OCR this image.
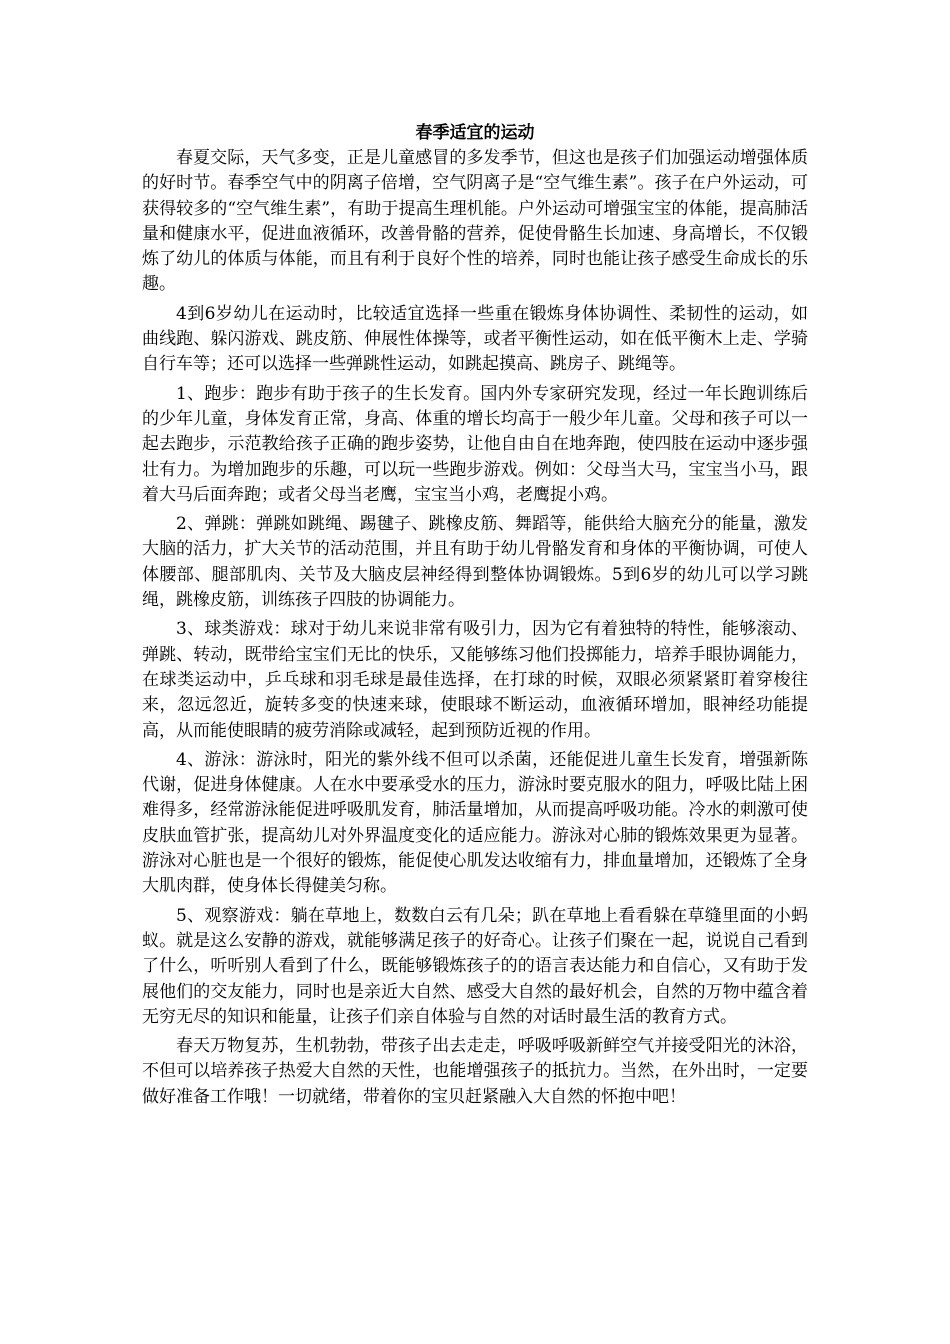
春季适宜的运动

春夏交际，天气多变，正是儿童感冒的多发季节，但这也是孩子们加强运动增强体质的好时节。春季空气中的阴离子倍增，空气阴离子是“空气维生素”。孩子在户外运动，可获得较多的“空气维生素”，有助于提高生理机能。户外运动可增强宝宝的体能，提高肺活量和健康水平，促进血液循环，改善骨骼的营养，促使骨骼生长加速、身高增长，不仅锻炼了幼儿的体质与体能，而且有利于良好个性的培养，同时也能让孩子感受生命成长的乐趣。

4到6岁幼儿在运动时，比较适宜选择一些重在锻炼身体协调性、柔韧性的运动，如曲线跑、躲闪游戏、跳皮筋、伸展性体操等，或者平衡性运动，如在低平衡木上走、学骑自行车等；还可以选择一些弹跳性运动，如跳起摸高、跳房子、跳绳等。

1、跑步：跑步有助于孩子的生长发育。国内外专家研究发现，经过一年长跑训练后的少年儿童，身体发育正常，身高、体重的增长均高于一般少年儿童。父母和孩子可以一起去跑步，示范教给孩子正确的跑步姿势，让他自由自在地奔跑，使四肢在运动中逐步强壮有力。为增加跑步的乐趣，可以玩一些跑步游戏。例如：父母当大马，宝宝当小马，跟着大马后面奔跑；或者父母当老鹰，宝宝当小鸡，老鹰捉小鸡。

2、弹跳：弹跳如跳绳、踢毽子、跳橡皮筋、舞蹈等，能供给大脑充分的能量，激发大脑的活力，扩大关节的活动范围，并且有助于幼儿骨骼发育和身体的平衡协调，可使人体腰部、腿部肌肉、关节及大脑皮层神经得到整体协调锻炼。5到6岁的幼儿可以学习跳绳，跳橡皮筋，训练孩子四肢的协调能力。

3、球类游戏：球对于幼儿来说非常有吸引力，因为它有着独特的特性，能够滚动、弹跳、转动，既带给宝宝们无比的快乐，又能够练习他们投掷能力，培养手眼协调能力，在球类运动中，乒乓球和羽毛球是最佳选择，在打球的时候，双眼必须紧紧盯着穿梭往来，忽远忽近，旋转多变的快速来球，使眼球不断运动，血液循环增加，眼神经功能提高，从而能使眼睛的疲劳消除或减轻，起到预防近视的作用。

4、游泳：游泳时，阳光的紫外线不但可以杀菌，还能促进儿童生长发育，增强新陈代谢，促进身体健康。人在水中要承受水的压力，游泳时要克服水的阻力，呼吸比陆上困难得多，经常游泳能促进呼吸肌发育，肺活量增加，从而提高呼吸功能。冷水的刺激可使皮肤血管扩张，提高幼儿对外界温度变化的适应能力。游泳对心肺的锻炼效果更为显著。游泳对心脏也是一个很好的锻炼，能促使心肌发达收缩有力，排血量增加，还锻炼了全身大肌肉群，使身体长得健美匀称。

5、观察游戏：躺在草地上，数数白云有几朵；趴在草地上看看躲在草缝里面的小蚂蚁。就是这么安静的游戏，就能够满足孩子的好奇心。让孩子们聚在一起，说说自己看到了什么，听听别人看到了什么，既能够锻炼孩子的的语言表达能力和自信心，又有助于发展他们的交友能力，同时也是亲近大自然、感受大自然的最好机会，自然的万物中蕴含着无穷无尽的知识和能量，让孩子们亲自体验与自然的对话时最生活的教育方式。

春天万物复苏，生机勃勃，带孩子出去走走，呼吸呼吸新鲜空气并接受阳光的沐浴，不但可以培养孩子热爱大自然的天性，也能增强孩子的抵抗力。当然，在外出时，一定要做好准备工作哦！一切就绪，带着你的宝贝赶紧融入大自然的怀抱中吧！
